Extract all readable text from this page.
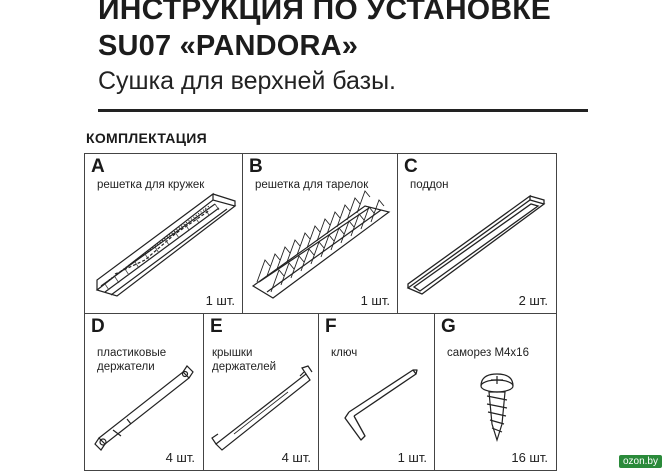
ИНСТРУКЦИЯ ПО УСТАНОВКЕ
SU07 «PANDORA»
Сушка для верхней базы.
КОМПЛЕКТАЦИЯ
A
решетка для кружек
1 шт.
B
решетка для тарелок
1 шт.
C
поддон
2 шт.
D
пластиковые
держатели
4 шт.
E
крышки
держателей
4 шт.
F
ключ
1 шт.
G
саморез M4x16
16 шт.	ozon.by
